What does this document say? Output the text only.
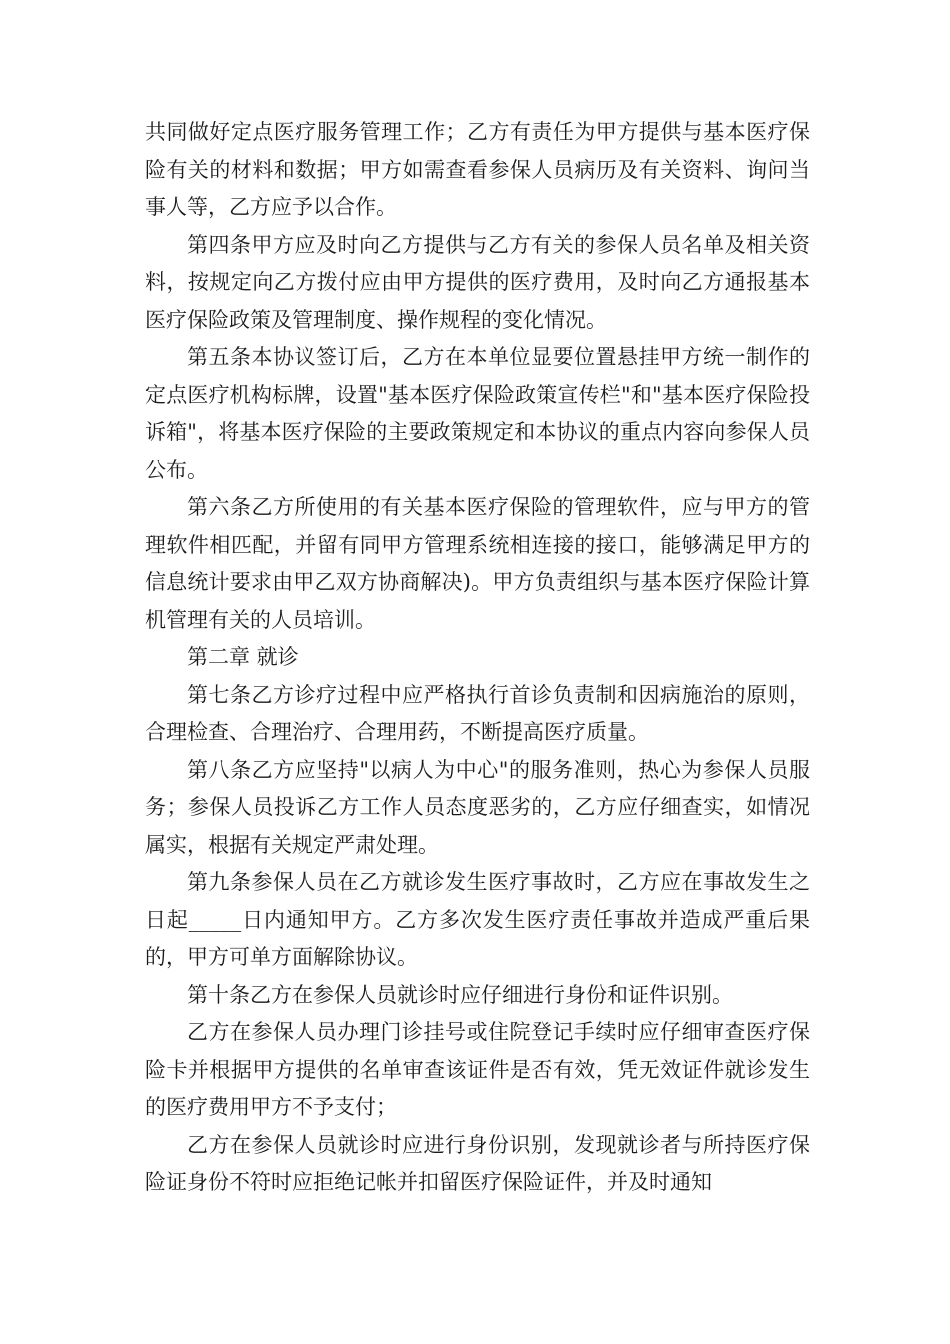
共同做好定点医疗服务管理工作；乙方有责任为甲方提供与基本医疗保险有关的材料和数据；甲方如需查看参保人员病历及有关资料、询问当事人等，乙方应予以合作。

第四条甲方应及时向乙方提供与乙方有关的参保人员名单及相关资料，按规定向乙方拨付应由甲方提供的医疗费用，及时向乙方通报基本医疗保险政策及管理制度、操作规程的变化情况。

第五条本协议签订后，乙方在本单位显要位置悬挂甲方统一制作的定点医疗机构标牌，设置"基本医疗保险政策宣传栏"和"基本医疗保险投诉箱"，将基本医疗保险的主要政策规定和本协议的重点内容向参保人员公布。

第六条乙方所使用的有关基本医疗保险的管理软件，应与甲方的管理软件相匹配，并留有同甲方管理系统相连接的接口，能够满足甲方的信息统计要求由甲乙双方协商解决)。甲方负责组织与基本医疗保险计算机管理有关的人员培训。

第二章 就诊

第七条乙方诊疗过程中应严格执行首诊负责制和因病施治的原则，合理检查、合理治疗、合理用药，不断提高医疗质量。

第八条乙方应坚持"以病人为中心"的服务准则，热心为参保人员服务；参保人员投诉乙方工作人员态度恶劣的，乙方应仔细查实，如情况属实，根据有关规定严肃处理。

第九条参保人员在乙方就诊发生医疗事故时，乙方应在事故发生之日起_____日内通知甲方。乙方多次发生医疗责任事故并造成严重后果的，甲方可单方面解除协议。

第十条乙方在参保人员就诊时应仔细进行身份和证件识别。

乙方在参保人员办理门诊挂号或住院登记手续时应仔细审查医疗保险卡并根据甲方提供的名单审查该证件是否有效，凭无效证件就诊发生的医疗费用甲方不予支付；

乙方在参保人员就诊时应进行身份识别，发现就诊者与所持医疗保险证身份不符时应拒绝记帐并扣留医疗保险证件，并及时通知
